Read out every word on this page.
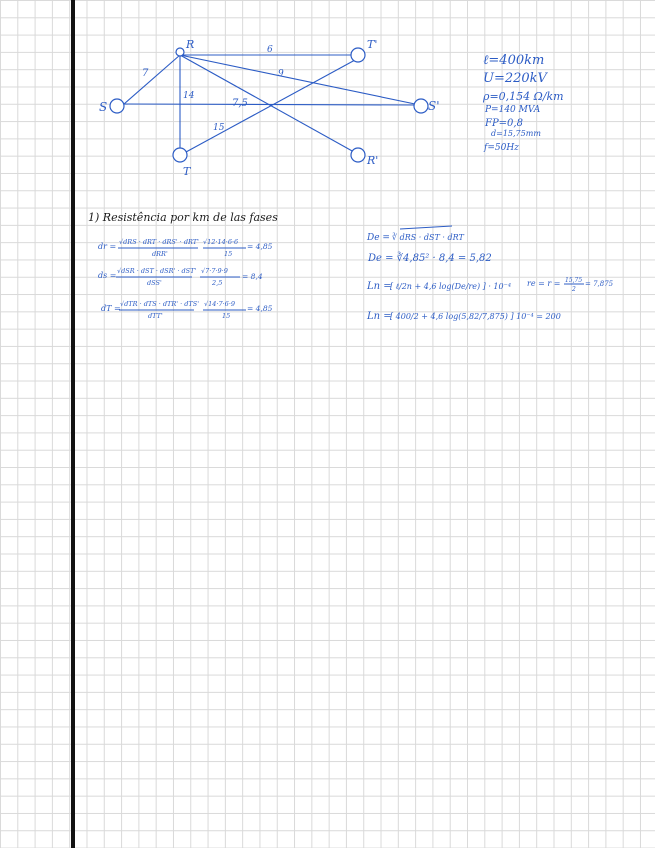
R
S
T
T'
S'
R'
7
6
14
9
7,5
15
ℓ=400km
U=220kV
ρ=0,154 Ω/km
P=140 MVA
FP=0,8
d=15,75mm
f=50Hz
1) Resistência por km de las fases
dr = √dRS · dRT · dRS' · dRT'
dRR'
√12·14·6·6
15
= 4,85
ds = √dSR · dST · dSR' · dST'
dSS'
√7·7·9·9
2,5
= 8,4
dT = √dTR · dTS · dTR' · dTS'
dTT'
√14·7·6·9
15
= 4,85
De = ∛ dRS · dST · dRT
De = ∛4,85² · 8,4 = 5,82
Ln =
[ ℓ/2n + 4,6 log(De/re) ] · 10⁻⁴ re = r = 15,75
2
= 7,875
Ln =
[ 400/2 + 4,6 log(5,82/7,875) ] 10⁻⁴ = 200
